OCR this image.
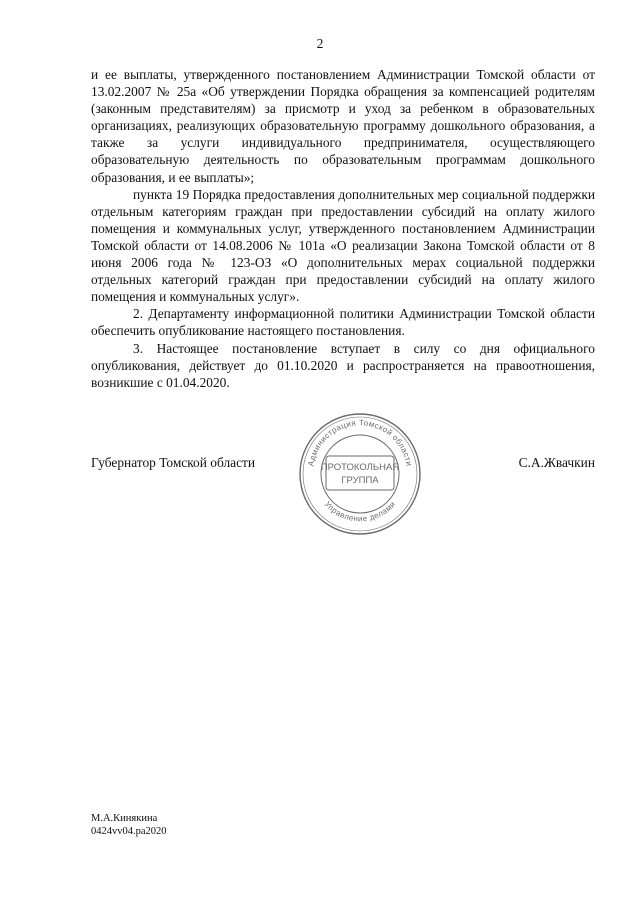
2

и ее выплаты, утвержденного постановлением Администрации Томской области от 13.02.2007 № 25а «Об утверждении Порядка обращения за компенсацией родителям (законным представителям) за присмотр и уход за ребенком в образовательных организациях, реализующих образовательную программу дошкольного образования, а также за услуги индивидуального предпринимателя, осуществляющего образовательную деятельность по образовательным программам дошкольного образования, и ее выплаты»;

пункта 19 Порядка предоставления дополнительных мер социальной поддержки отдельным категориям граждан при предоставлении субсидий на оплату жилого помещения и коммунальных услуг, утвержденного постановлением Администрации Томской области от 14.08.2006 № 101а «О реализации Закона Томской области от 8 июня 2006 года № 123-ОЗ «О дополнительных мерах социальной поддержки отдельных категорий граждан при предоставлении субсидий на оплату жилого помещения и коммунальных услуг».

2. Департаменту информационной политики Администрации Томской области обеспечить опубликование настоящего постановления.

3. Настоящее постановление вступает в силу со дня официального опубликования, действует до 01.10.2020 и распространяется на правоотношения, возникшие с 01.04.2020.

Губернатор Томской области	С.А.Жвачкин
Администрация Томской области
Управление делами
ПРОТОКОЛЬНАЯ
ГРУППА
М.А.Кинякина
0424vv04.pa2020
